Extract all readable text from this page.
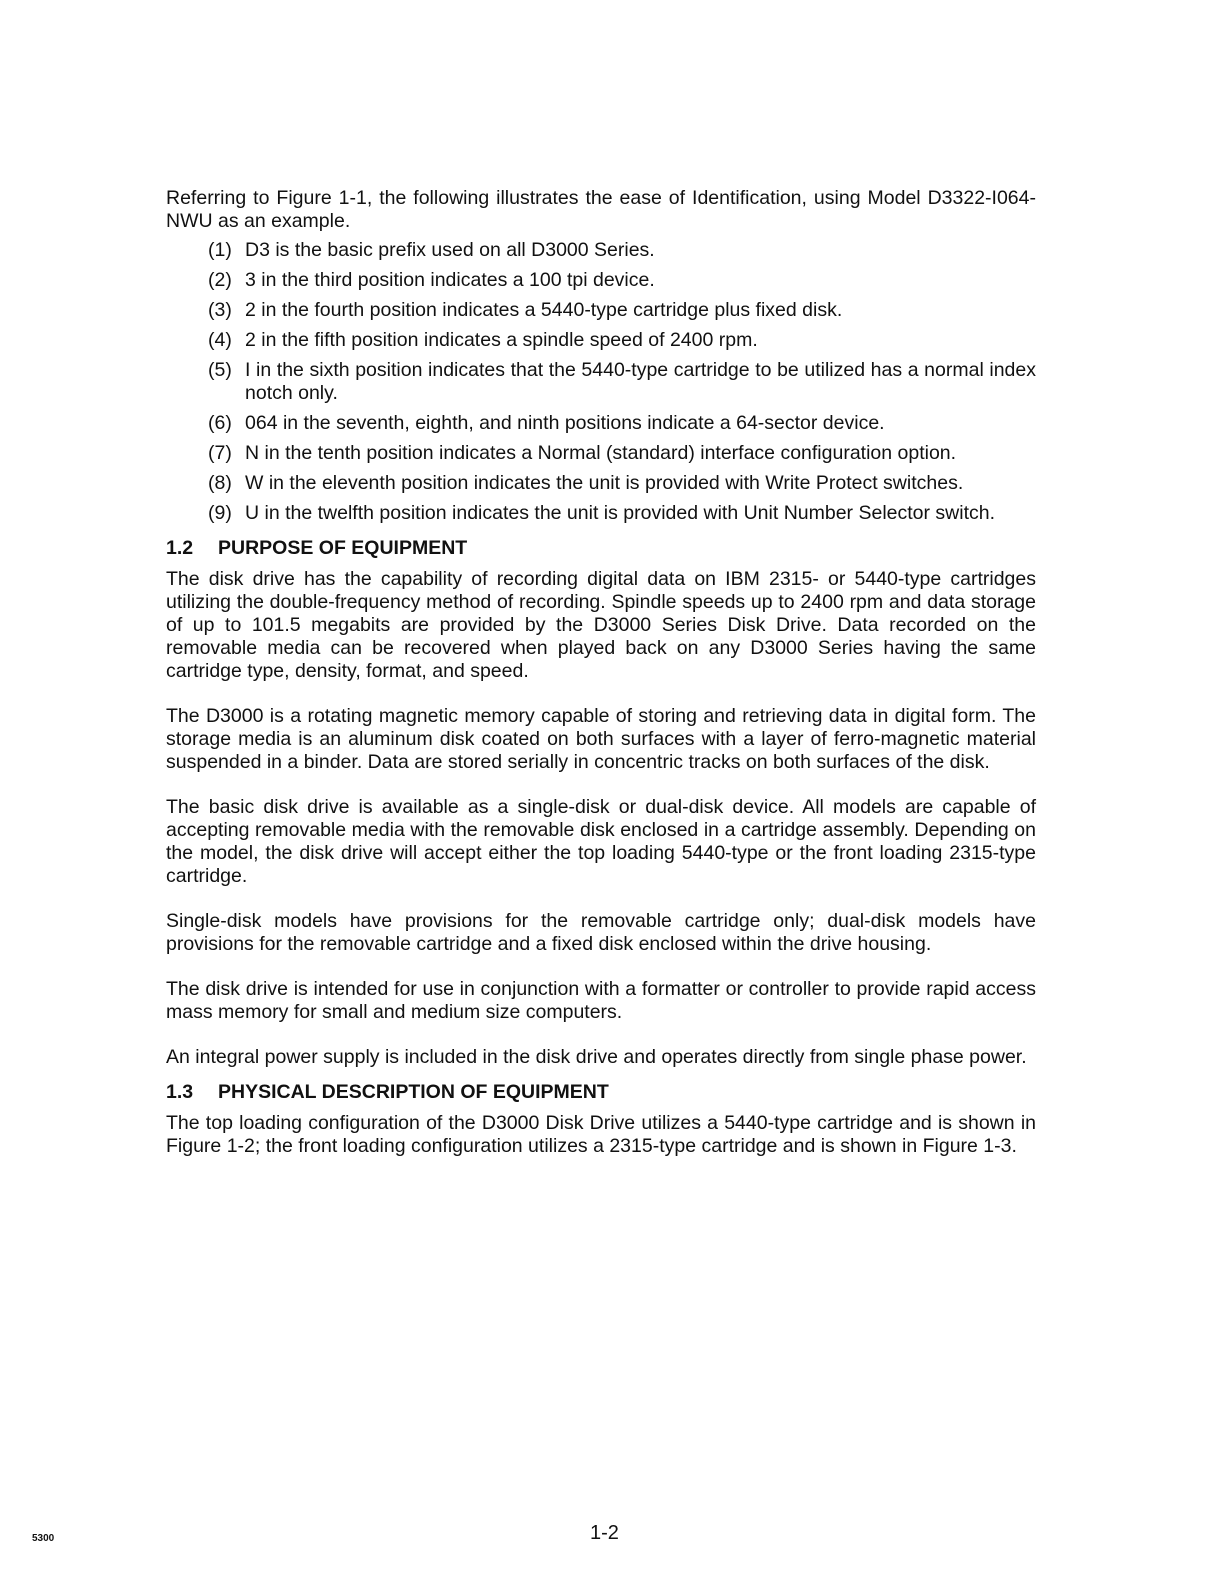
Referring to Figure 1-1, the following illustrates the ease of Identification, using Model D3322-I064-NWU as an example.

(1) D3 is the basic prefix used on all D3000 Series.
(2) 3 in the third position indicates a 100 tpi device.
(3) 2 in the fourth position indicates a 5440-type cartridge plus fixed disk.
(4) 2 in the fifth position indicates a spindle speed of 2400 rpm.
(5) I in the sixth position indicates that the 5440-type cartridge to be utilized has a normal index notch only.
(6) 064 in the seventh, eighth, and ninth positions indicate a 64-sector device.
(7) N in the tenth position indicates a Normal (standard) interface configuration option.
(8) W in the eleventh position indicates the unit is provided with Write Protect switches.
(9) U in the twelfth position indicates the unit is provided with Unit Number Selector switch.
1.2 PURPOSE OF EQUIPMENT

The disk drive has the capability of recording digital data on IBM 2315- or 5440-type cartridges utilizing the double-frequency method of recording. Spindle speeds up to 2400 rpm and data storage of up to 101.5 megabits are provided by the D3000 Series Disk Drive. Data recorded on the removable media can be recovered when played back on any D3000 Series having the same cartridge type, density, format, and speed.

The D3000 is a rotating magnetic memory capable of storing and retrieving data in digital form. The storage media is an aluminum disk coated on both surfaces with a layer of ferro-magnetic material suspended in a binder. Data are stored serially in concentric tracks on both surfaces of the disk.

The basic disk drive is available as a single-disk or dual-disk device. All models are capable of accepting removable media with the removable disk enclosed in a cartridge assembly. Depending on the model, the disk drive will accept either the top loading 5440-type or the front loading 2315-type cartridge.

Single-disk models have provisions for the removable cartridge only; dual-disk models have provisions for the removable cartridge and a fixed disk enclosed within the drive housing.

The disk drive is intended for use in conjunction with a formatter or controller to provide rapid access mass memory for small and medium size computers.

An integral power supply is included in the disk drive and operates directly from single phase power.

1.3 PHYSICAL DESCRIPTION OF EQUIPMENT

The top loading configuration of the D3000 Disk Drive utilizes a 5440-type cartridge and is shown in Figure 1-2; the front loading configuration utilizes a 2315-type cartridge and is shown in Figure 1-3.

5300	1-2
